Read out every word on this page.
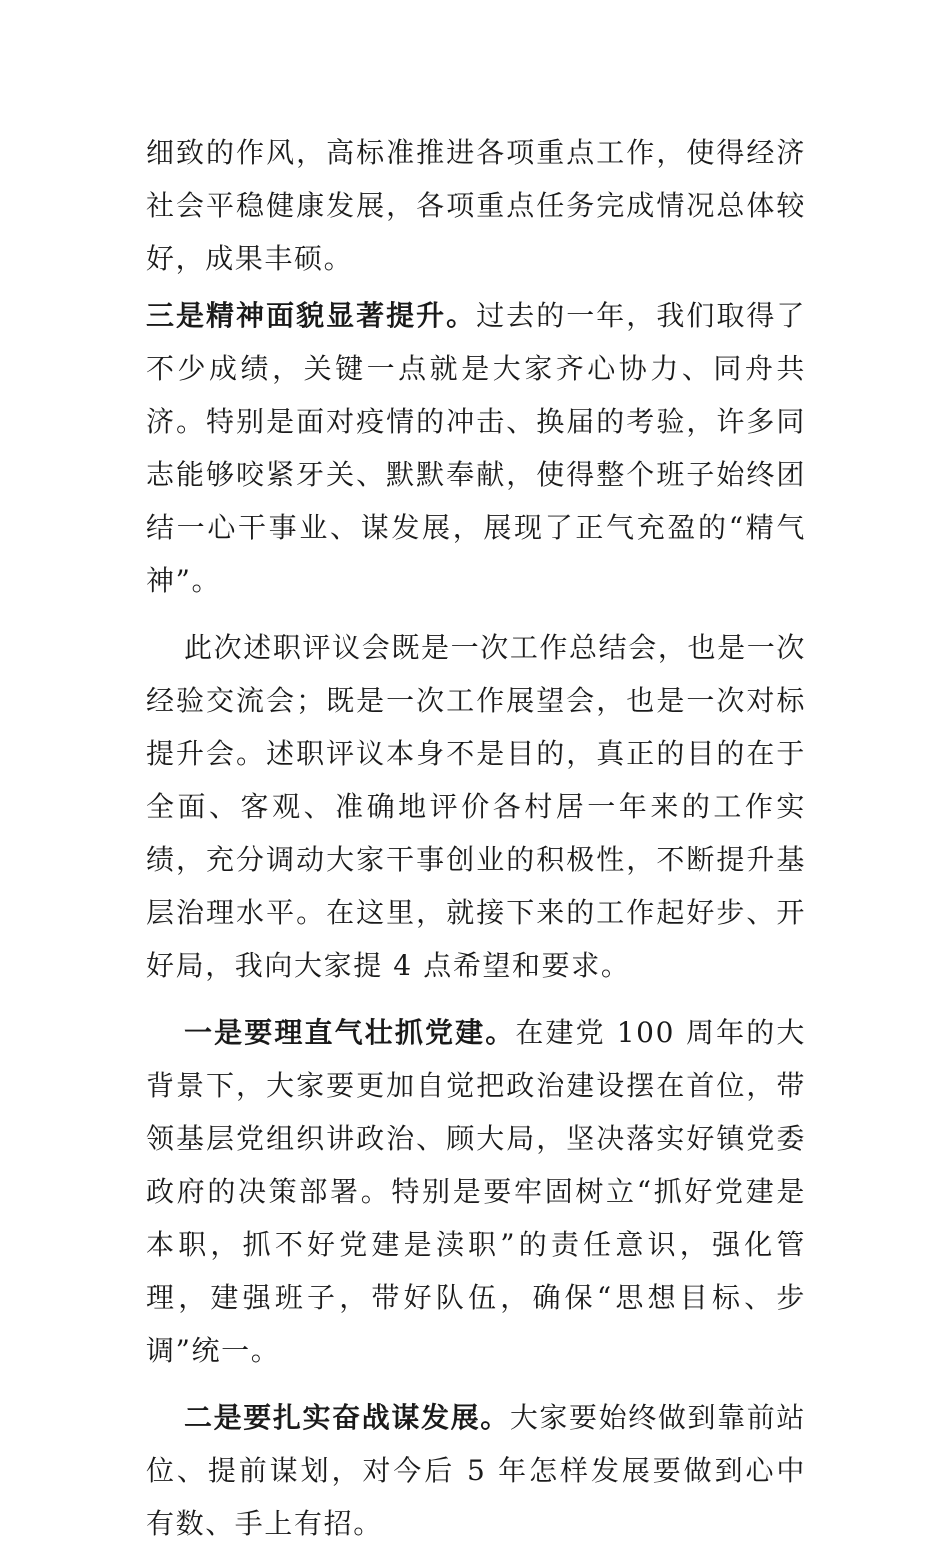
细致的作风，高标准推进各项重点工作，使得经济社会平稳健康发展，各项重点任务完成情况总体较好，成果丰硕。

三是精神面貌显著提升。过去的一年，我们取得了不少成绩，关键一点就是大家齐心协力、同舟共济。特别是面对疫情的冲击、换届的考验，许多同志能够咬紧牙关、默默奉献，使得整个班子始终团结一心干事业、谋发展，展现了正气充盈的“精气神”。

此次述职评议会既是一次工作总结会，也是一次经验交流会；既是一次工作展望会，也是一次对标提升会。述职评议本身不是目的，真正的目的在于全面、客观、准确地评价各村居一年来的工作实绩，充分调动大家干事创业的积极性，不断提升基层治理水平。在这里，就接下来的工作起好步、开好局，我向大家提 4 点希望和要求。

一是要理直气壮抓党建。在建党 100 周年的大背景下，大家要更加自觉把政治建设摆在首位，带领基层党组织讲政治、顾大局，坚决落实好镇党委政府的决策部署。特别是要牢固树立“抓好党建是本职，抓不好党建是渎职”的责任意识，强化管理，建强班子，带好队伍，确保“思想目标、步调”统一。

二是要扎实奋战谋发展。大家要始终做到靠前站位、提前谋划，对今后 5 年怎样发展要做到心中有数、手上有招。
